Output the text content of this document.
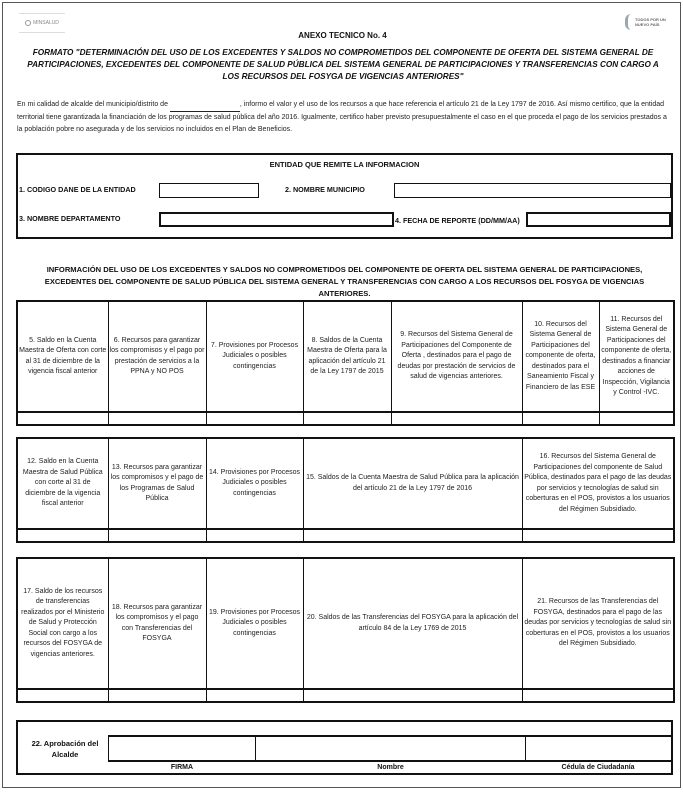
MINSALUD
TODOS POR UN
NUEVO PAÍS
ANEXO TECNICO No. 4
FORMATO "DETERMINACIÓN DEL USO DE LOS EXCEDENTES Y SALDOS NO COMPROMETIDOS DEL COMPONENTE DE OFERTA DEL SISTEMA GENERAL DE PARTICIPACIONES, EXCEDENTES DEL COMPONENTE DE SALUD PÚBLICA DEL SISTEMA GENERAL DE PARTICIPACIONES Y TRANSFERENCIAS CON CARGO A LOS RECURSOS DEL FOSYGA DE VIGENCIAS ANTERIORES"
En mi calidad de alcalde del municipio/distrito de	, informo el valor y el uso de los recursos a que hace referencia el artículo 21 de la Ley 1797 de 2016. Así mismo certifico, que la entidad territorial tiene garantizada la financiación de los programas de salud pública del año 2016. Igualmente, certifico haber previsto presupuestalmente el caso en el que proceda el pago de los servicios prestados a la población pobre no asegurada y de los servicios no incluidos en el Plan de Beneficios.
ENTIDAD QUE REMITE LA INFORMACION
1. CODIGO DANE DE LA ENTIDAD	2. NOMBRE MUNICIPIO
3. NOMBRE DEPARTAMENTO	4. FECHA DE REPORTE (DD/MM/AA)
INFORMACIÓN DEL USO DE LOS EXCEDENTES Y SALDOS NO COMPROMETIDOS DEL COMPONENTE DE OFERTA DEL SISTEMA GENERAL DE PARTICIPACIONES, EXCEDENTES DEL COMPONENTE DE SALUD PÚBLICA DEL SISTEMA GENERAL Y TRANSFERENCIAS CON CARGO A LOS RECURSOS DEL FOSYGA DE VIGENCIAS ANTERIORES.
5. Saldo en la Cuenta Maestra de Oferta con corte al 31 de diciembre de la vigencia fiscal anterior	6. Recursos para garantizar los compromisos y el pago por prestación de servicios a la PPNA y NO POS	7. Provisiones por Procesos Judiciales o posibles contingencias	8. Saldos de la Cuenta Maestra de Oferta para la aplicación del artículo 21 de la Ley 1797 de 2015	9. Recursos del Sistema General de Participaciones del Componente de Oferta , destinados para el pago de deudas por prestación de servicios de salud de vigencias anteriores.	10. Recursos del Sistema General de Participaciones del componente de oferta, destinados para el Saneamiento Fiscal y Financiero de las ESE	11. Recursos del Sistema General de Participaciones del componente de oferta, destinados a financiar acciones de Inspección, Vigilancia y Control -IVC.

12. Saldo en la Cuenta Maestra de Salud Pública con corte al 31 de diciembre de la vigencia fiscal anterior	13. Recursos para garantizar los compromisos y el pago de los Programas de Salud Pública	14. Provisiones por Procesos Judiciales o posibles contingencias	15. Saldos de la Cuenta Maestra de Salud Pública para la aplicación del artículo 21 de la Ley 1797 de 2016	16. Recursos del Sistema General de Participaciones del componente de Salud Pública, destinados para el pago de las deudas por servicios y tecnologías de salud sin coberturas en el POS, provistos a los usuarios del Régimen Subsidiado.

17. Saldo de los recursos de transferencias realizados por el Ministerio de Salud y Protección Social con cargo a los recursos del FOSYGA de vigencias anteriores.	18. Recursos para garantizar los compromisos y el pago con Transferencias del FOSYGA	19. Provisiones por Procesos Judiciales o posibles contingencias	20. Saldos de las Transferencias del FOSYGA para la aplicación del artículo 84 de la Ley 1769 de 2015	21. Recursos de las Transferencias del FOSYGA, destinados para el pago de las deudas por servicios y tecnologías de salud sin coberturas en el POS, provistos a los usuarios del Régimen Subsidiado.

22. Aprobación del Alcalde
FIRMA	Nombre	Cédula de Ciudadanía
